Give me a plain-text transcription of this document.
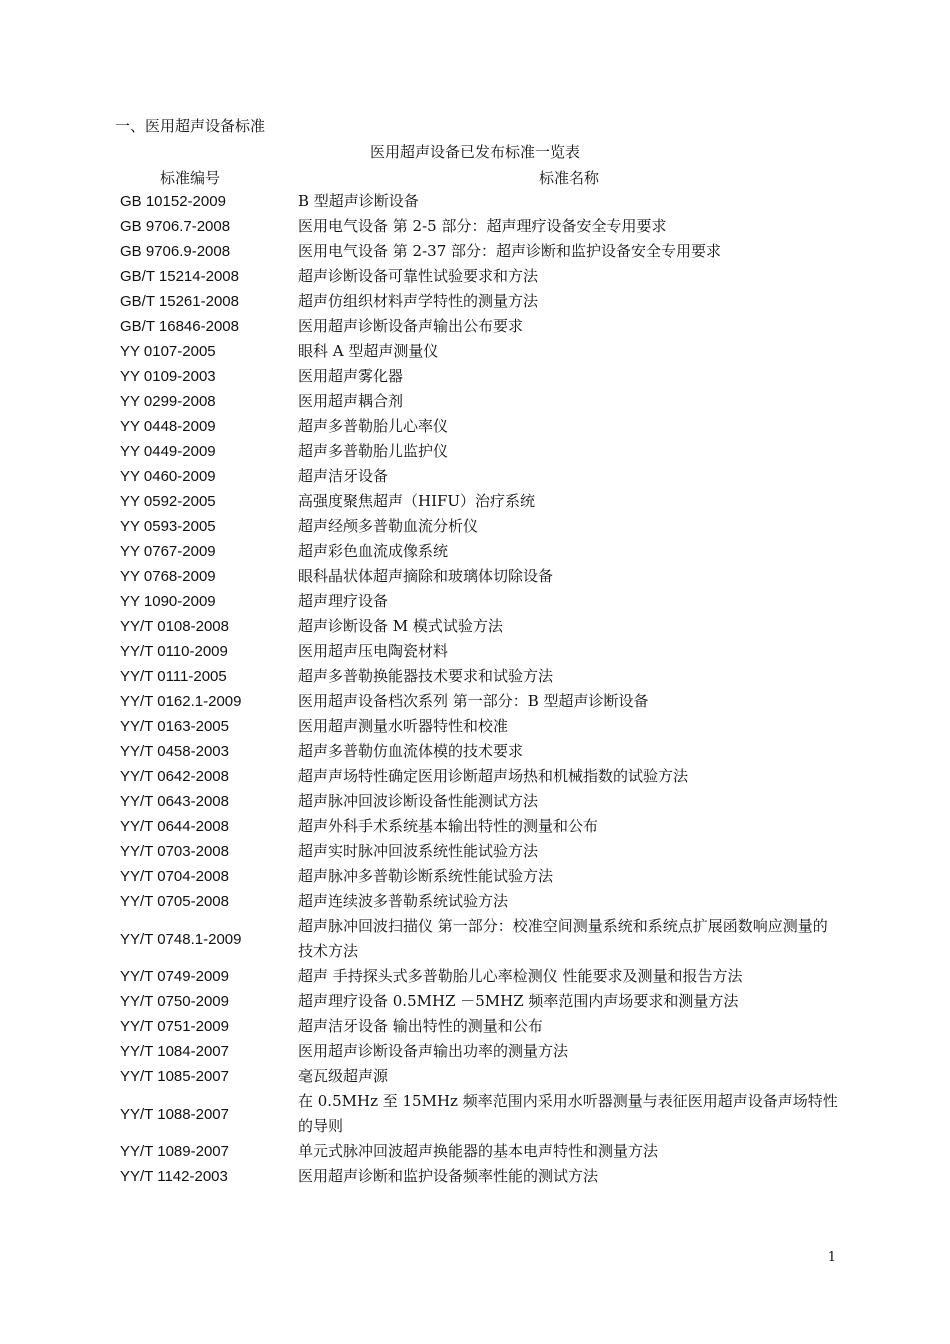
一、医用超声设备标准
医用超声设备已发布标准一览表
标准编号	标准名称
GB 10152-2009	B 型超声诊断设备
GB 9706.7-2008	医用电气设备 第 2-5 部分：超声理疗设备安全专用要求
GB 9706.9-2008	医用电气设备 第 2-37 部分：超声诊断和监护设备安全专用要求
GB/T 15214-2008	超声诊断设备可靠性试验要求和方法
GB/T 15261-2008	超声仿组织材料声学特性的测量方法
GB/T 16846-2008	医用超声诊断设备声输出公布要求
YY 0107-2005	眼科 A 型超声测量仪
YY 0109-2003	医用超声雾化器
YY 0299-2008	医用超声耦合剂
YY 0448-2009	超声多普勒胎儿心率仪
YY 0449-2009	超声多普勒胎儿监护仪
YY 0460-2009	超声洁牙设备
YY 0592-2005	高强度聚焦超声（HIFU）治疗系统
YY 0593-2005	超声经颅多普勒血流分析仪
YY 0767-2009	超声彩色血流成像系统
YY 0768-2009	眼科晶状体超声摘除和玻璃体切除设备
YY 1090-2009	超声理疗设备
YY/T 0108-2008	超声诊断设备 M 模式试验方法
YY/T 0110-2009	医用超声压电陶瓷材料
YY/T 0111-2005	超声多普勒换能器技术要求和试验方法
YY/T 0162.1-2009	医用超声设备档次系列 第一部分：B 型超声诊断设备
YY/T 0163-2005	医用超声测量水听器特性和校准
YY/T 0458-2003	超声多普勒仿血流体模的技术要求
YY/T 0642-2008	超声声场特性确定医用诊断超声场热和机械指数的试验方法
YY/T 0643-2008	超声脉冲回波诊断设备性能测试方法
YY/T 0644-2008	超声外科手术系统基本输出特性的测量和公布
YY/T 0703-2008	超声实时脉冲回波系统性能试验方法
YY/T 0704-2008	超声脉冲多普勒诊断系统性能试验方法
YY/T 0705-2008	超声连续波多普勒系统试验方法
YY/T 0748.1-2009	超声脉冲回波扫描仪 第一部分：校准空间测量系统和系统点扩展函数响应测量的技术方法
YY/T 0749-2009	超声 手持探头式多普勒胎儿心率检测仪 性能要求及测量和报告方法
YY/T 0750-2009	超声理疗设备 0.5MHZ －5MHZ 频率范围内声场要求和测量方法
YY/T 0751-2009	超声洁牙设备 输出特性的测量和公布
YY/T 1084-2007	医用超声诊断设备声输出功率的测量方法
YY/T 1085-2007	毫瓦级超声源
YY/T 1088-2007	在 0.5MHz 至 15MHz 频率范围内采用水听器测量与表征医用超声设备声场特性的导则
YY/T 1089-2007	单元式脉冲回波超声换能器的基本电声特性和测量方法
YY/T 1142-2003	医用超声诊断和监护设备频率性能的测试方法
1
